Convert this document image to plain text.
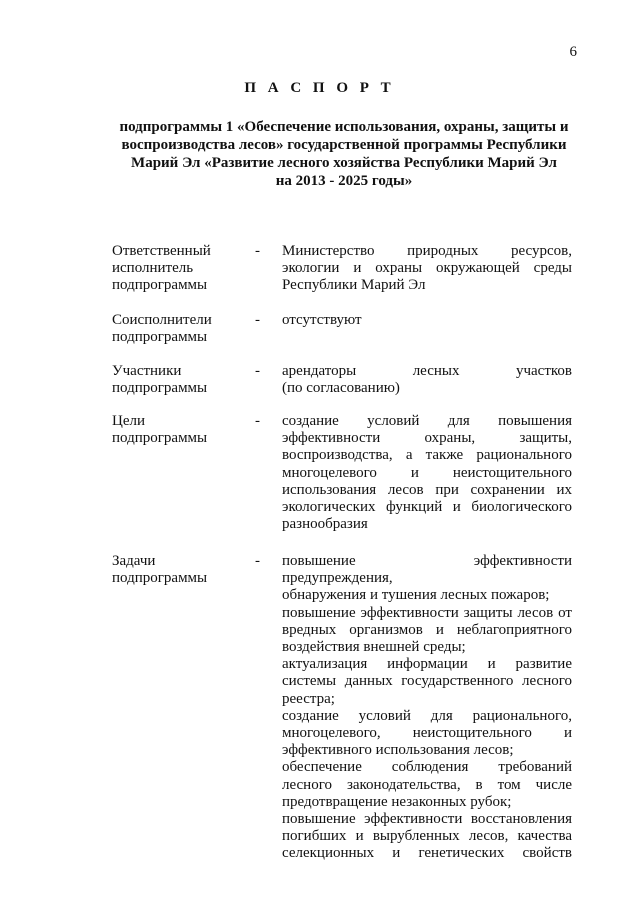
6
П А С П О Р Т
подпрограммы 1 «Обеспечение использования, охраны, защиты и
воспроизводства лесов» государственной программы Республики
Марий Эл «Развитие лесного хозяйства Республики Марий Эл
на 2013 - 2025 годы»
Ответственный
исполнитель
подпрограммы
- Министерство природных ресурсов,
экологии и охраны окружающей среды
Республики Марий Эл
Соисполнители
подпрограммы
- отсутствуют
Участники
подпрограммы
- арендаторы лесных участков
(по согласованию)
Цели
подпрограммы
- создание условий для повышения
эффективности охраны, защиты,
воспроизводства, а также рационального
многоцелевого и неистощительного
использования лесов при сохранении их
экологических функций и биологического
разнообразия
Задачи
подпрограммы
- повышение эффективности предупреждения,
обнаружения и тушения лесных пожаров;
повышение эффективности защиты лесов от
вредных организмов и неблагоприятного
воздействия внешней среды;
актуализация информации и развитие
системы данных государственного лесного
реестра;
создание условий для рационального,
многоцелевого, неистощительного и
эффективного использования лесов;
обеспечение соблюдения требований
лесного законодательства, в том числе
предотвращение незаконных рубок;
повышение эффективности восстановления
погибших и вырубленных лесов, качества
селекционных и генетических свойств
